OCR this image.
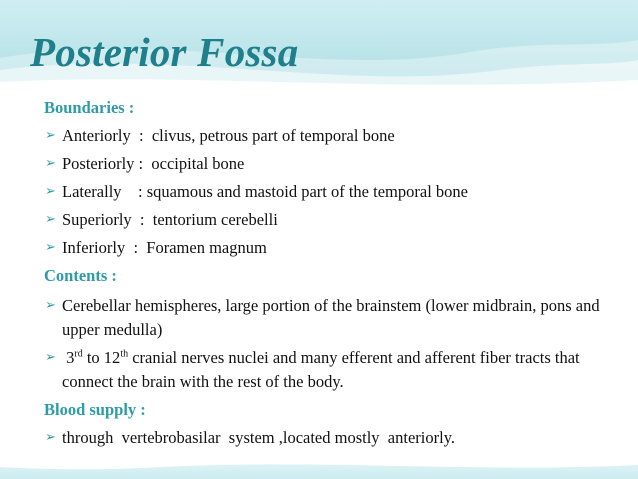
Posterior Fossa
Boundaries :
➢ Anteriorly  :  clivus, petrous part of temporal bone
➢ Posteriorly :  occipital bone
➢ Laterally    : squamous and mastoid part of the temporal bone
➢ Superiorly  :  tentorium cerebelli
➢ Inferiorly  :  Foramen magnum
Contents :
➢ Cerebellar hemispheres, large portion of the brainstem (lower midbrain, pons and upper medulla)
➢ 3rd to 12th cranial nerves nuclei and many efferent and afferent fiber tracts that connect the brain with the rest of the body.
Blood supply :
➢ through  vertebrobasilar  system ,located mostly  anteriorly.
